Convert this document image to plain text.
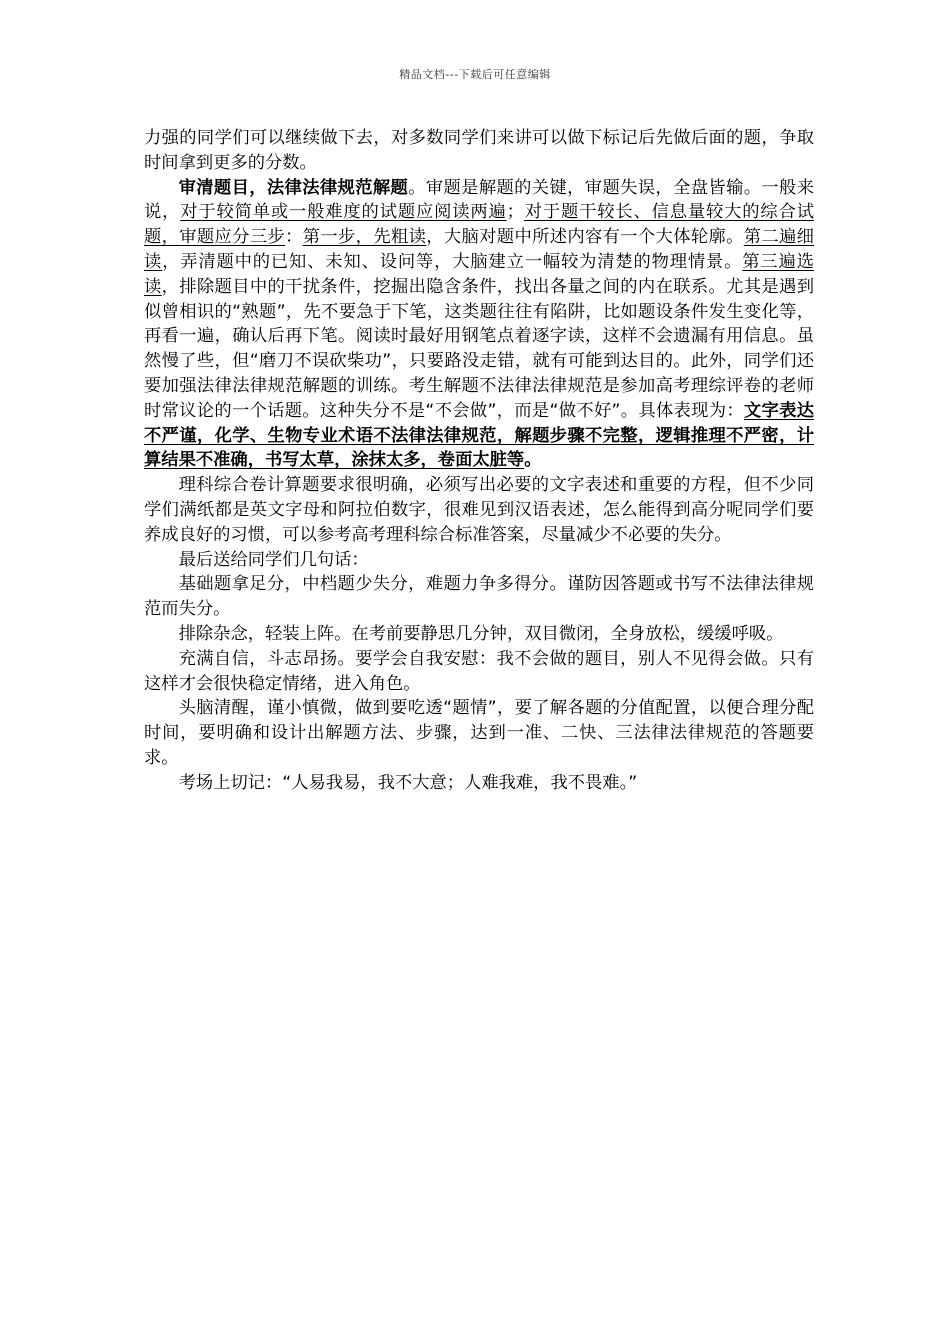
精品文档---下载后可任意编辑

力强的同学们可以继续做下去，对多数同学们来讲可以做下标记后先做后面的题，争取时间拿到更多的分数。

审清题目，法律法律规范解题。审题是解题的关键，审题失误，全盘皆输。一般来说，对于较简单或一般难度的试题应阅读两遍；对于题干较长、信息量较大的综合试题，审题应分三步：第一步，先粗读，大脑对题中所述内容有一个大体轮廓。第二遍细读，弄清题中的已知、未知、设问等，大脑建立一幅较为清楚的物理情景。第三遍选读，排除题目中的干扰条件，挖掘出隐含条件，找出各量之间的内在联系。尤其是遇到似曾相识的“熟题”，先不要急于下笔，这类题往往有陷阱，比如题设条件发生变化等，再看一遍，确认后再下笔。阅读时最好用钢笔点着逐字读，这样不会遗漏有用信息。虽然慢了些，但“磨刀不误砍柴功”，只要路没走错，就有可能到达目的。此外，同学们还要加强法律法律规范解题的训练。考生解题不法律法律规范是参加高考理综评卷的老师时常议论的一个话题。这种失分不是“不会做”，而是“做不好”。具体表现为：文字表达不严谨，化学、生物专业术语不法律法律规范，解题步骤不完整，逻辑推理不严密，计算结果不准确，书写太草，涂抹太多，卷面太脏等。

理科综合卷计算题要求很明确，必须写出必要的文字表述和重要的方程，但不少同学们满纸都是英文字母和阿拉伯数字，很难见到汉语表述，怎么能得到高分呢同学们要养成良好的习惯，可以参考高考理科综合标准答案，尽量减少不必要的失分。

最后送给同学们几句话：

基础题拿足分，中档题少失分，难题力争多得分。谨防因答题或书写不法律法律规范而失分。

排除杂念，轻装上阵。在考前要静思几分钟，双目微闭，全身放松，缓缓呼吸。

充满自信，斗志昂扬。要学会自我安慰：我不会做的题目，别人不见得会做。只有这样才会很快稳定情绪，进入角色。

头脑清醒，谨小慎微，做到要吃透“题情”，要了解各题的分值配置，以便合理分配时间，要明确和设计出解题方法、步骤，达到一准、二快、三法律法律规范的答题要求。

考场上切记：“人易我易，我不大意；人难我难，我不畏难。”
